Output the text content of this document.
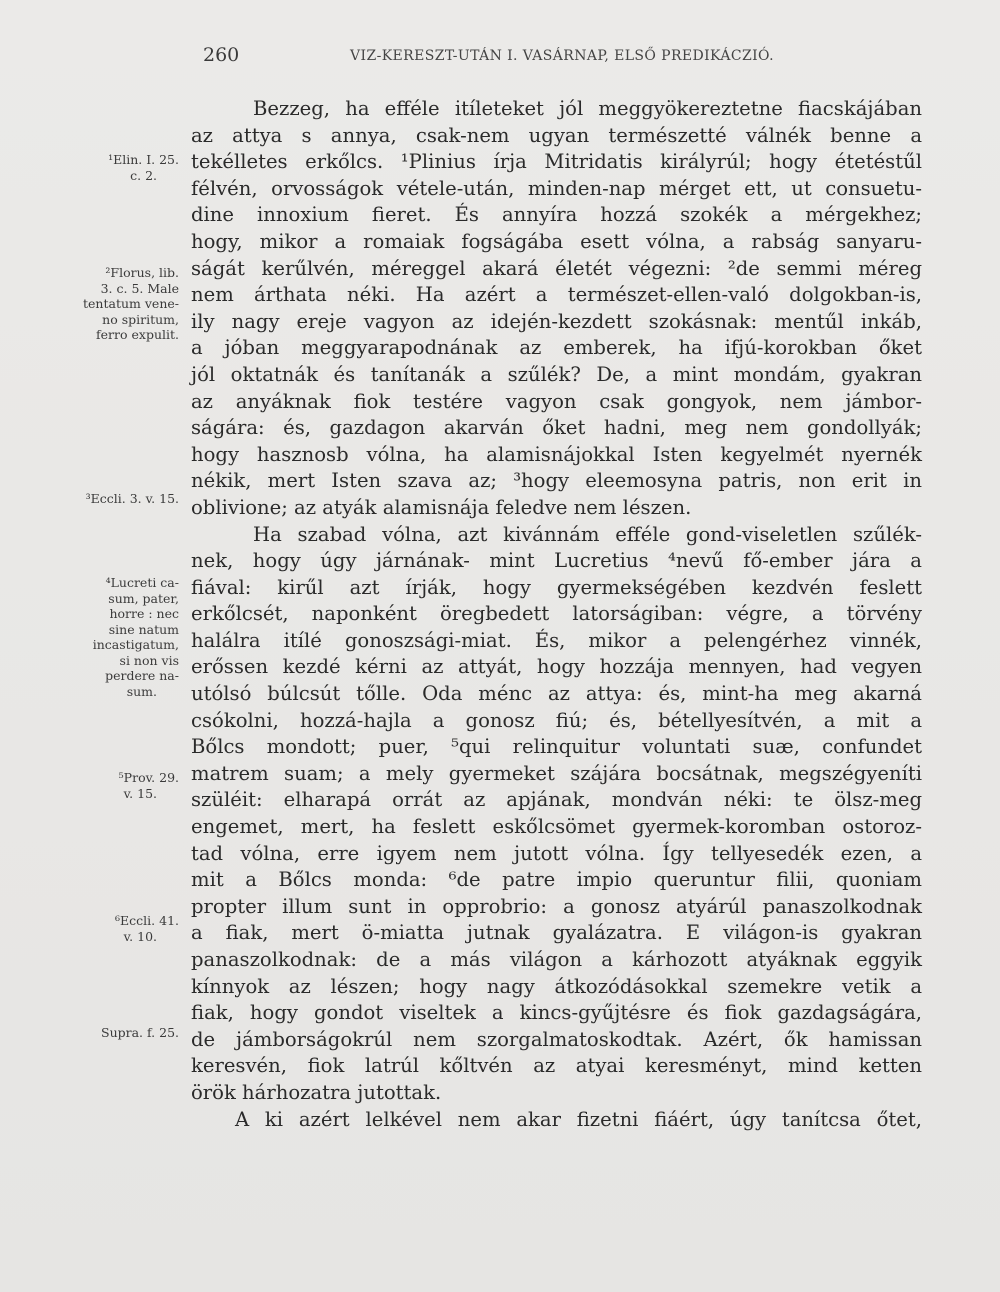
260	VIZ-KERESZT-UTÁN I. VASÁRNAP, ELSŐ PREDIKÁCZIÓ.
¹Elin. I. 25.
c. 2.
²Florus, lib.
3. c. 5. Male
tentatum vene-
no spiritum,
ferro expulit.
³Eccli. 3. v. 15.
⁴Lucreti ca-
sum, pater,
horre : nec
sine natum
incastigatum,
si non vis
perdere na-
sum.
⁵Prov. 29.
v. 15.
⁶Eccli. 41.
v. 10.
Supra. f. 25.
Bezzeg, ha efféle itíleteket jól meggyökereztetne fiacskájában
az attya s annya, csak-nem ugyan természetté válnék benne a
tekélletes erkőlcs. ¹Plinius írja Mitridatis királyrúl; hogy étetéstűl
félvén, orvosságok vétele-után, minden-nap mérget ett, ut consuetu-
dine innoxium fieret. És annyíra hozzá szokék a mérgekhez;
hogy, mikor a romaiak fogságába esett vólna, a rabság sanyaru-
ságát kerűlvén, méreggel akará életét végezni: ²de semmi méreg
nem árthata néki. Ha azért a természet-ellen-való dolgokban-is,
ily nagy ereje vagyon az idején-kezdett szokásnak: mentűl inkáb,
a jóban meggyarapodnának az emberek, ha ifjú-korokban őket
jól oktatnák és tanítanák a szűlék? De, a mint mondám, gyakran
az anyáknak fiok testére vagyon csak gongyok, nem jámbor-
ságára: és, gazdagon akarván őket hadni, meg nem gondollyák;
hogy hasznosb vólna, ha alamisnájokkal Isten kegyelmét nyernék
nékik, mert Isten szava az; ³hogy eleemosyna patris, non erit in
oblivione; az atyák alamisnája feledve nem lészen.
Ha szabad vólna, azt kivánnám efféle gond-viseletlen szűlék-
nek, hogy úgy járnának- mint Lucretius ⁴nevű fő-ember jára a
fiával: kirűl azt írják, hogy gyermekségében kezdvén feslett
erkőlcsét, naponként öregbedett latorságiban: végre, a törvény
halálra itílé gonoszsági-miat. És, mikor a pelengérhez vinnék,
erőssen kezdé kérni az attyát, hogy hozzája mennyen, had vegyen
utólsó búlcsút tőlle. Oda ménc az attya: és, mint-ha meg akarná
csókolni, hozzá-hajla a gonosz fiú; és, bétellyesítvén, a mit a
Bőlcs mondott; puer, ⁵qui relinquitur voluntati suæ, confundet
matrem suam; a mely gyermeket szájára bocsátnak, megszégyeníti
szüléit: elharapá orrát az apjának, mondván néki: te ölsz-meg
engemet, mert, ha feslett eskőlcsömet gyermek-koromban ostoroz-
tad vólna, erre igyem nem jutott vólna. Így tellyesedék ezen, a
mit a Bőlcs monda: ⁶de patre impio queruntur filii, quoniam
propter illum sunt in opprobrio: a gonosz atyárúl panaszolkodnak
a fiak, mert ö-miatta jutnak gyalázatra. E világon-is gyakran
panaszolkodnak: de a más világon a kárhozott atyáknak eggyik
kínnyok az lészen; hogy nagy átkozódásokkal szemekre vetik a
fiak, hogy gondot viseltek a kincs-gyűjtésre és fiok gazdagságára,
de jámborságokrúl nem szorgalmatoskodtak. Azért, ők hamissan
keresvén, fiok latrúl kőltvén az atyai keresményt, mind ketten
örök hárhozatra jutottak.
A ki azért lelkével nem akar fizetni fiáért, úgy tanítcsa őtet,
